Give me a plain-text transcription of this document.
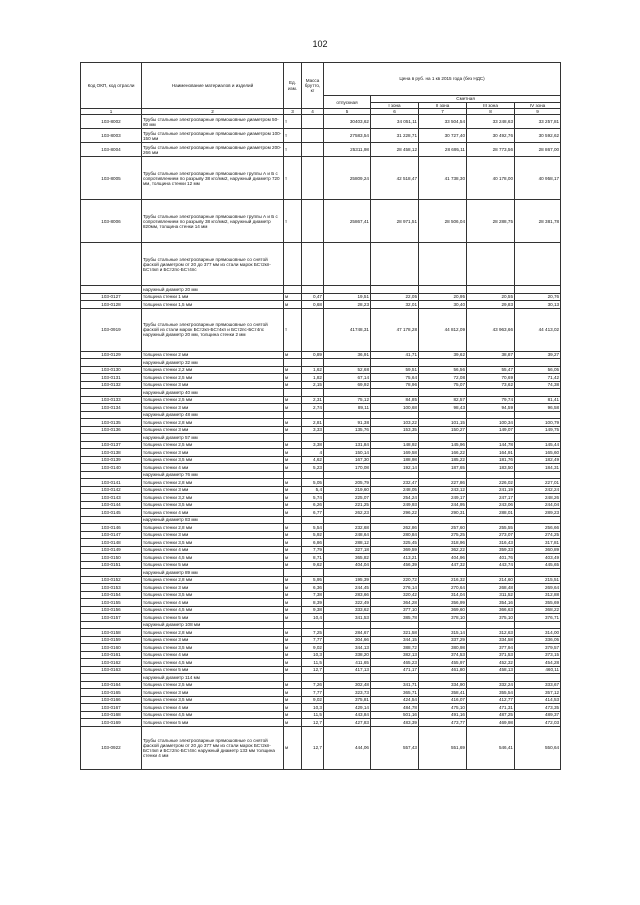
102
Код ОКП, код отрасли	Наименование материалов и изделий	Ед. изм.	Масса брутто, кг	Цена в руб. на 1 кв 2015 года (без НДС)				
				отпускная	Сметная			
					I зона	II зона	III зона	IV зона
1	2	3	4	5	6	7	8	9
103-8002	Трубы стальные электросварные прямошовные диаметром 50-80 мм	т		30403,62	34 051,11	33 504,54	33 248,63	33 257,81
103-8003	Трубы стальные электросварные прямошовные диаметром 100-150 мм	т		27583,54	31 228,71	30 727,40	30 492,76	30 592,62
103-8004	Трубы стальные электросварные прямошовные диаметром 200-266 мм	т		25311,98	28 458,12	28 695,11	28 773,56	28 867,00
103-8005	Трубы стальные электросварные прямошовные группы А и Б с сопротивлением по разрыву 38 кгс/мм2, наружный диаметр 720 мм, толщина стенки 12 мм	т		25809,24	42 518,47	41 738,30	40 178,00	40 958,17
103-8006	Трубы стальные электросварные прямошовные группы А и Б с сопротивлением по разрыву 38 кгс/мм2, наружный диаметр 820мм, толщина стенки 14 мм	т		25867,41	28 971,51	28 506,04	28 288,75	28 381,78
	Трубы стальные электросварные прямошовные со снятой фаской диаметром от 20 до 377 мм из стали марок БСт2кп-БСт4кп и БСт2пс-БСт4пс							
	наружный диаметр 20 мм							
103-0127	толщина стенки 1 мм	м	0,47	19,51	22,05	20,95	20,55	20,76
103-0128	толщина стенки 1,5 мм	м	0,68	28,23	32,01	30,40	29,83	30,13
103-0919	Трубы стальные электросварные прямошовные со снятой фаской из стали марок БСт2кп-БСт4кп и БСт2пс-БСт4пс наружный диаметр 20 мм, толщина стенки 2 мм	т		41748,31	47 178,28	44 812,09	43 963,66	44 413,02
103-0129	толщина стенки 2 мм	м	0,89	36,91	41,71	39,62	38,87	39,27
	наружный диаметр 32 мм							
103-0130	толщина стенки 2,2 мм	м	1,62	52,68	59,51	56,56	55,47	56,05
103-0131	толщина стенки 2,5 мм	м	1,82	67,14	75,64	72,08	70,69	71,42
103-0132	толщина стенки 3 мм	м	2,15	69,92	78,96	75,07	73,62	74,38
	наружный диаметр 40 мм							
103-0133	толщина стенки 2,5 мм	м	2,31	75,12	84,85	82,57	79,74	81,41
103-0134	толщина стенки 3 мм	м	2,74	89,11	100,68	98,43	94,59	96,58
	наружный диаметр 48 мм							
103-0135	толщина стенки 2,8 мм	м	2,81	91,38	103,22	101,15	100,34	100,79
103-0136	толщина стенки 3 мм	м	3,33	135,76	153,35	150,27	149,07	149,75
	наружный диаметр 57 мм							
103-0137	толщина стенки 2,5 мм	м	3,38	131,84	148,92	145,96	144,78	145,44
103-0138	толщина стенки 3 мм	м	4	150,14	169,58	166,22	164,91	165,60
103-0139	толщина стенки 3,5 мм	м	4,62	167,30	188,98	185,22	181,76	182,49
103-0140	толщина стенки 4 мм	м	5,23	170,08	192,14	187,65	183,50	184,31
	наружный диаметр 76 мм							
103-0141	толщина стенки 2,8 мм	м	5,05	205,79	232,47	227,86	226,02	227,01
103-0142	толщина стенки 3 мм	м	5,4	219,60	248,05	243,12	241,19	242,24
103-0143	толщина стенки 3,2 мм	м	5,74	225,07	254,24	249,17	247,17	248,26
103-0144	толщина стенки 3,5 мм	м	6,26	221,25	249,93	244,95	243,06	244,04
103-0145	толщина стенки 4 мм	м	6,77	262,23	296,22	290,31	288,01	289,23
	наружный диаметр 83 мм							
103-0146	толщина стенки 2,8 мм	м	5,54	232,68	262,86	257,60	255,55	256,66
103-0147	толщина стенки 3 мм	м	5,92	248,64	280,84	275,25	273,07	274,25
103-0148	толщина стенки 3,5 мм	м	6,86	288,12	325,45	318,96	316,43	317,81
103-0149	толщина стенки 4 мм	м	7,79	327,18	369,59	362,22	359,33	360,89
103-0150	толщина стенки 4,5 мм	м	8,71	365,82	413,21	404,96	401,76	403,49
103-0151	толщина стенки 5 мм	м	9,62	404,04	456,39	447,32	443,74	445,65
	наружный диаметр 89 мм							
103-0152	толщина стенки 2,8 мм	м	5,95	195,39	220,72	216,32	214,60	215,51
103-0153	толщина стенки 3 мм	м	6,36	244,45	276,14	270,64	268,48	269,64
103-0154	толщина стенки 3,5 мм	м	7,38	283,66	320,42	314,04	311,52	312,88
103-0155	толщина стенки 4 мм	м	8,39	322,49	364,28	356,99	354,16	355,69
103-0156	толщина стенки 4,5 мм	м	9,38	333,62	377,10	369,60	366,63	368,22
103-0157	толщина стенки 5 мм	м	10,4	341,53	385,78	378,10	375,10	376,71
	наружный диаметр 108 мм							
103-0158	толщина стенки 2,8 мм	м	7,25	284,67	321,58	315,14	312,63	314,00
103-0159	толщина стенки 3 мм	м	7,77	304,66	344,15	337,29	334,58	336,05
103-0160	толщина стенки 3,5 мм	м	9,02	344,13	388,72	380,98	377,94	379,57
103-0161	толщина стенки 4 мм	м	10,3	338,20	382,13	374,53	371,53	373,15
103-0162	толщина стенки 4,5 мм	м	11,5	411,65	465,23	455,97	452,32	454,28
103-0163	толщина стенки 5 мм	м	12,7	417,13	471,17	461,80	458,13	460,11
	наружный диаметр 114 мм							
103-0164	толщина стенки 2,5 мм	м	7,26	302,48	341,71	334,90	332,24	333,67
103-0165	толщина стенки 3 мм	м	7,77	323,73	365,71	358,41	355,54	357,12
103-0166	толщина стенки 3,5 мм	м	9,02	375,81	424,54	416,07	412,77	414,53
103-0167	толщина стенки 4 мм	м	10,3	429,14	484,78	475,10	471,31	473,35
103-0168	толщина стенки 4,5 мм	м	11,5	443,84	501,16	491,16	487,25	489,37
103-0169	толщина стенки 5 мм	м	12,7	427,83	483,39	473,77	469,98	472,03
103-0922	Трубы стальные электросварные прямошовные со снятой фаской диаметром от 20 до 377 мм из стали марок БСт2кп-БСт4кп и БСт2пс-БСт4пс наружный диаметр 133 мм толщина стенки 4 мм	м	12,7	444,06	557,43	551,69	546,41	550,64
